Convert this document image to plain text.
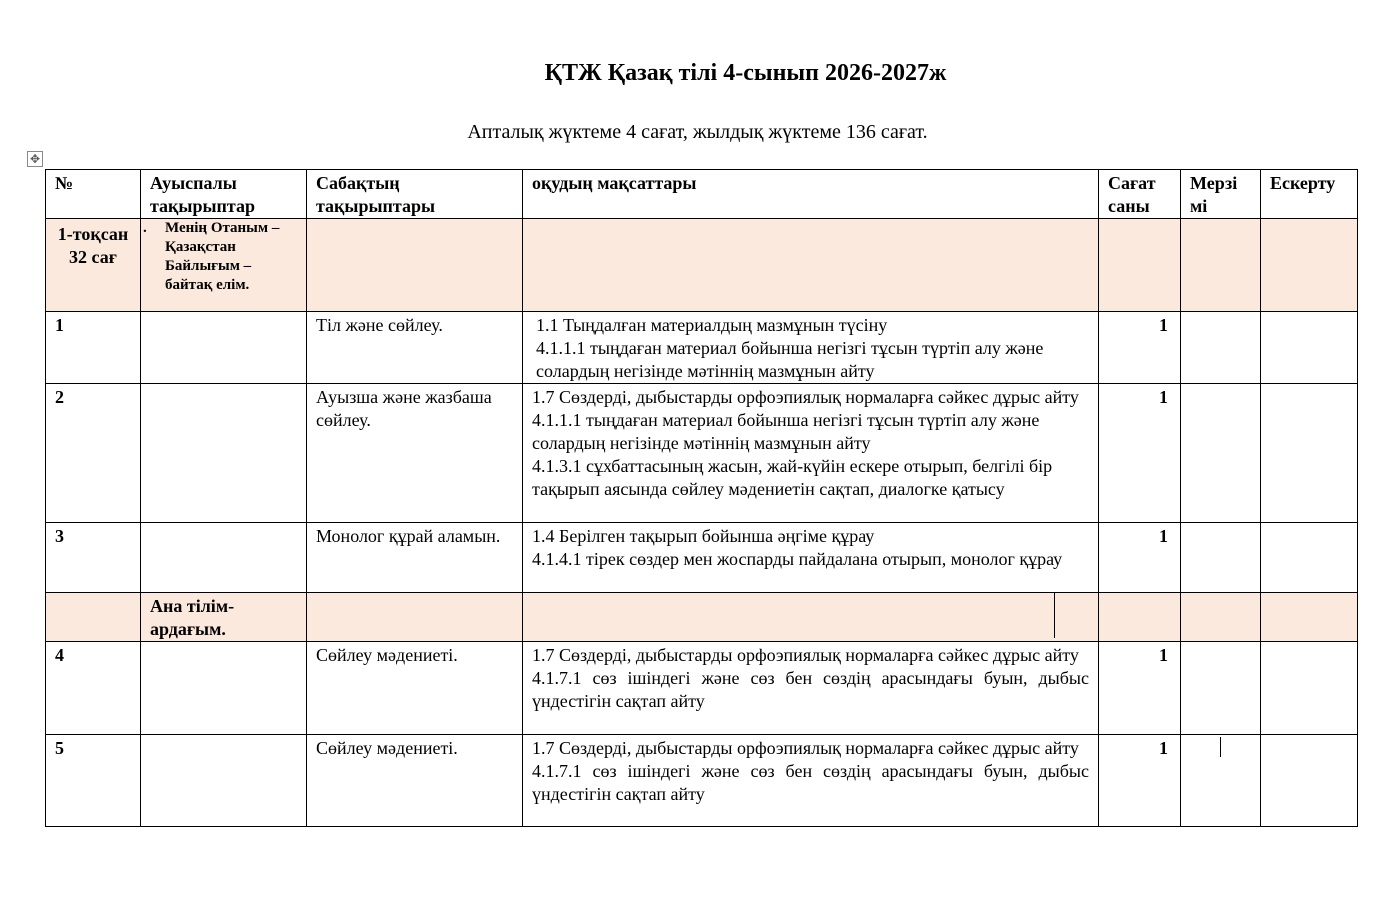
ҚТЖ Қазақ тілі 4-сынып 2026-2027ж
Апталық жүктеме 4 сағат, жылдық жүктеме 136 сағат.
✥
№	Ауыспалы тақырыптар	Сабақтың тақырыптары	оқудың мақсаттары	Сағат саны	Мерзі мі	Ескерту
1-тоқсан 32 сағ	. Менің Отаным – Қазақстан Байлығым – байтақ елім.					

1		Тіл және сөйлеу.	1.1 Тыңдалған материалдың мазмұнын түсіну
4.1.1.1 тыңдаған материал бойынша негізгі тұсын түртіп алу және солардың негізінде мәтіннің мазмұнын айту	1		
2		Ауызша және жазбаша сөйлеу.	1.7 Сөздерді, дыбыстарды орфоэпиялық нормаларға сәйкес дұрыс айту
4.1.1.1 тыңдаған материал бойынша негізгі тұсын түртіп алу және солардың негізінде мәтіннің мазмұнын айту
4.1.3.1 сұхбаттасының жасын, жай-күйін ескере отырып, белгілі бір тақырып аясында сөйлеу мәдениетін сақтап, диалогке қатысу	1		
3		Монолог құрай аламын.	1.4 Берілген тақырып бойынша әңгіме құрау
4.1.4.1 тірек сөздер мен жоспарды пайдалана отырып, монолог құрау	1		
	Ана тілім-ардағым.		

4		Сөйлеу мәдениеті.	1.7 Сөздерді, дыбыстарды орфоэпиялық нормаларға сәйкес дұрыс айту
4.1.7.1 сөз ішіндегі және сөз бен сөздің арасындағы буын, дыбыс үндестігін сақтап айту	1		
5		Сөйлеу мәдениеті.	1.7 Сөздерді, дыбыстарды орфоэпиялық нормаларға сәйкес дұрыс айту
4.1.7.1 сөз ішіндегі және сөз бен сөздің арасындағы буын, дыбыс үндестігін сақтап айту	1		
